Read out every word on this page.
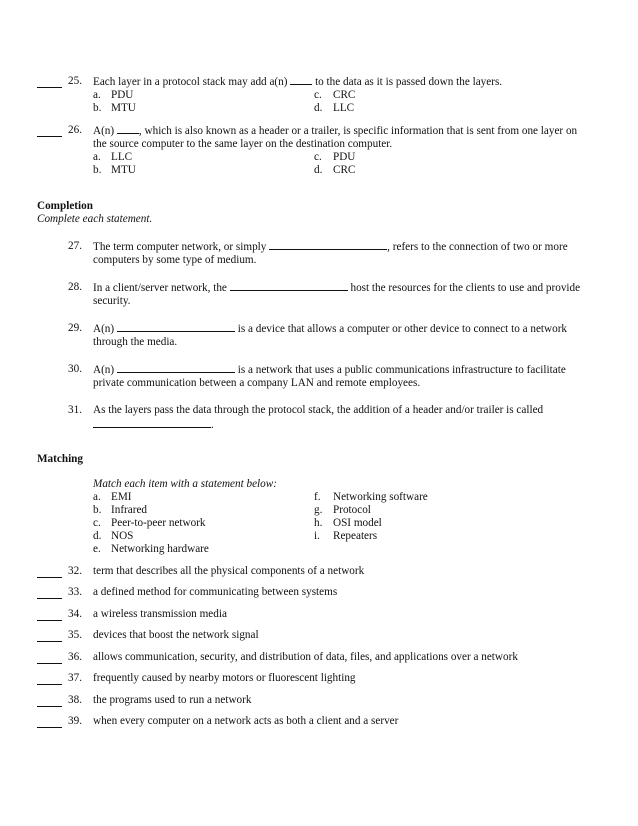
25. Each layer in a protocol stack may add a(n) to the data as it is passed down the layers.
a. PDU
b. MTU
c. CRC
d. LLC
26. A(n) , which is also known as a header or a trailer, is specific information that is sent from one layer on
the source computer to the same layer on the destination computer.
a. LLC
b. MTU
c. PDU
d. CRC
Completion
Complete each statement.
27. The term computer network, or simply	, refers to the connection of two or more
computers by some type of medium.
28. In a client/server network, the	host the resources for the clients to use and provide
security.
29. A(n)	is a device that allows a computer or other device to connect to a network
through the media.
30. A(n)	is a network that uses a public communications infrastructure to facilitate
private communication between a company LAN and remote employees.
31. As the layers pass the data through the protocol stack, the addition of a header and/or trailer is called
.
Matching
Match each item with a statement below:
a. EMI
b. Infrared
c. Peer-to-peer network
d. NOS
e. Networking hardware
f. Networking software
g. Protocol
h. OSI model
i. Repeaters
32. term that describes all the physical components of a network
33. a defined method for communicating between systems
34. a wireless transmission media
35. devices that boost the network signal
36. allows communication, security, and distribution of data, files, and applications over a network
37. frequently caused by nearby motors or fluorescent lighting
38. the programs used to run a network
39. when every computer on a network acts as both a client and a server
